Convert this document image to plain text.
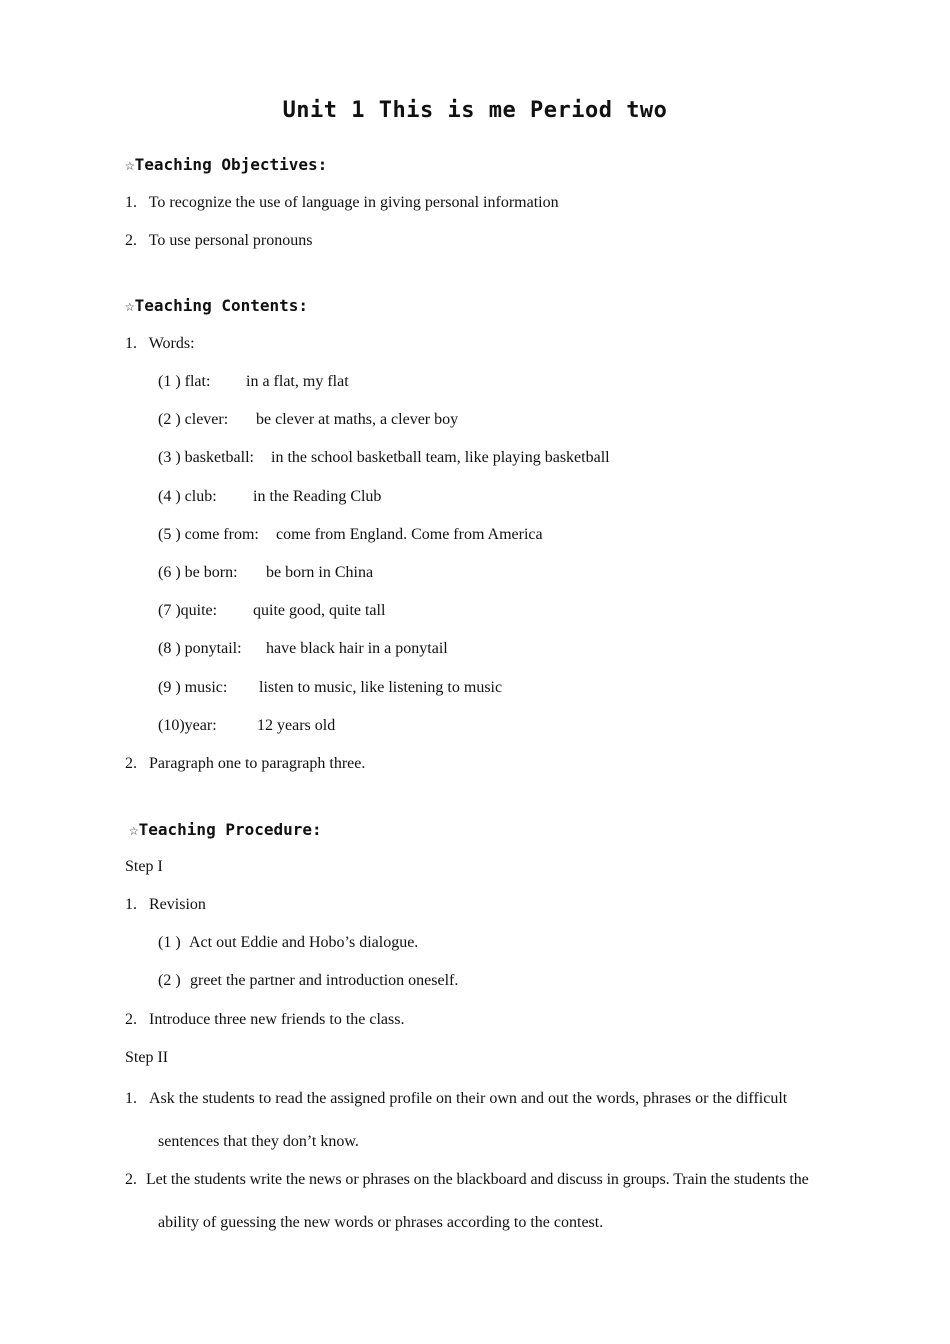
Unit 1 This is me Period two
☆Teaching Objectives:
1. To recognize the use of language in giving personal information
2. To use personal pronouns
☆Teaching Contents:
1. Words:
(1 ) flat: in a flat, my flat
(2 ) clever: be clever at maths, a clever boy
(3 ) basketball: in the school basketball team, like playing basketball
(4 ) club: in the Reading Club
(5 ) come from: come from England. Come from America
(6 ) be born: be born in China
(7 )quite: quite good, quite tall
(8 ) ponytail: have black hair in a ponytail
(9 ) music: listen to music, like listening to music
(10)year:	12 years old
2. Paragraph one to paragraph three.
☆Teaching Procedure:
Step I
1. Revision
(1 ) Act out Eddie and Hobo’s dialogue.
(2 ) greet the partner and introduction oneself.
2. Introduce three new friends to the class.
Step II
1. Ask the students to read the assigned profile on their own and out the words, phrases or the difficult
sentences that they don’t know.
2. Let the students write the news or phrases on the blackboard and discuss in groups. Train the students the
ability of guessing the new words or phrases according to the contest.
